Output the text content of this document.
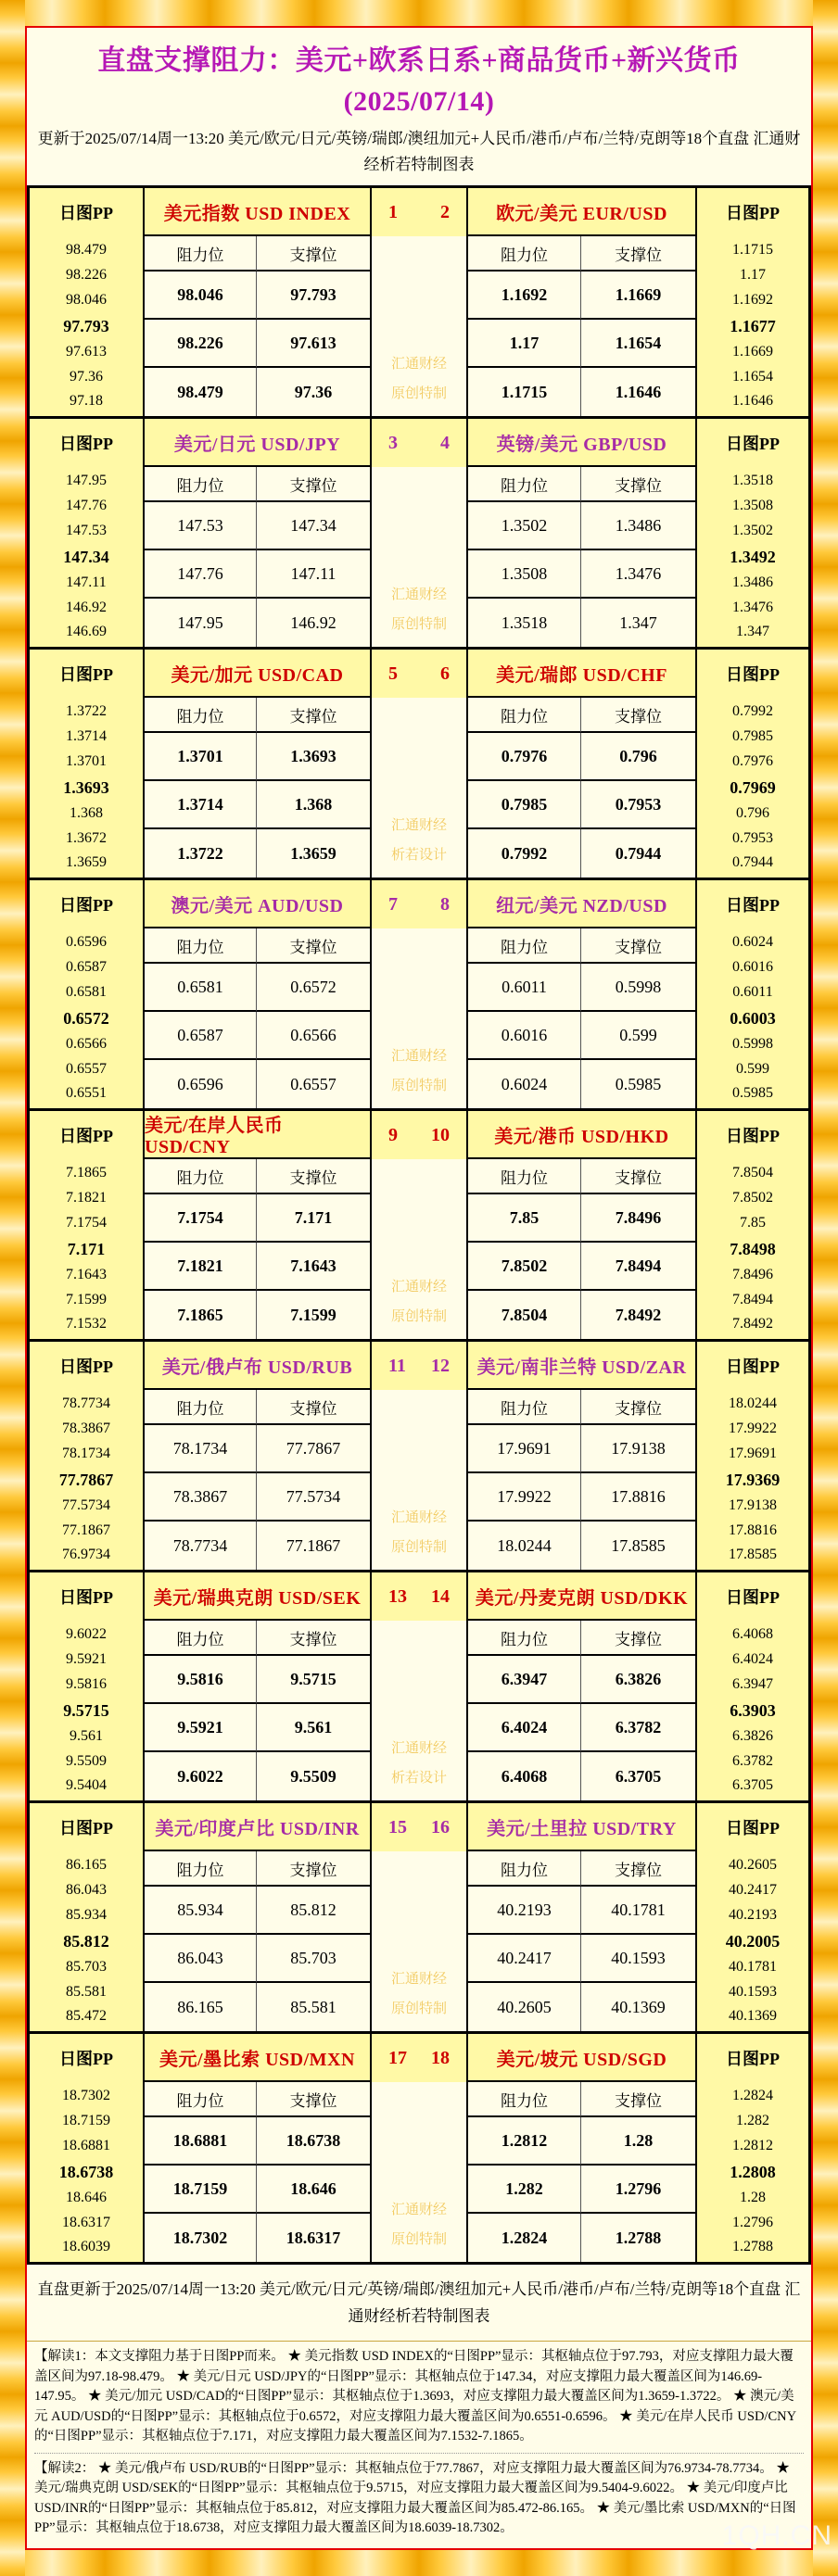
直盘支撑阻力：美元+欧系日系+商品货币+新兴货币(2025/07/14)
更新于2025/07/14周一13:20 美元/欧元/日元/英镑/瑞郎/澳纽加元+人民币/港币/卢布/兰特/克朗等18个直盘 汇通财经析若特制图表
日图PP	美元指数 USD INDEX	1 2	欧元/美元 EUR/USD	日图PP
98.479
98.226
98.046
97.793
97.613
97.36
97.18
汇通财经
原创特制
1.1715
1.17
1.1692
1.1677
1.1669
1.1654
1.1646
阻力位	支撑位	阻力位	支撑位
98.046	97.793
98.226	97.613
98.479	97.36
1.1692	1.1669
1.17	1.1654
1.1715	1.1646
日图PP	美元/日元 USD/JPY	3 4	英镑/美元 GBP/USD	日图PP
147.95
147.76
147.53
147.34
147.11
146.92
146.69
汇通财经
原创特制
1.3518
1.3508
1.3502
1.3492
1.3486
1.3476
1.347
阻力位	支撑位	阻力位	支撑位
147.53	147.34
147.76	147.11
147.95	146.92
1.3502	1.3486
1.3508	1.3476
1.3518	1.347
日图PP	美元/加元 USD/CAD	5 6	美元/瑞郎 USD/CHF	日图PP
1.3722
1.3714
1.3701
1.3693
1.368
1.3672
1.3659
汇通财经
析若设计
0.7992
0.7985
0.7976
0.7969
0.796
0.7953
0.7944
阻力位	支撑位	阻力位	支撑位
1.3701	1.3693
1.3714	1.368
1.3722	1.3659
0.7976	0.796
0.7985	0.7953
0.7992	0.7944
日图PP	澳元/美元 AUD/USD	7 8	纽元/美元 NZD/USD	日图PP
0.6596
0.6587
0.6581
0.6572
0.6566
0.6557
0.6551
汇通财经
原创特制
0.6024
0.6016
0.6011
0.6003
0.5998
0.599
0.5985
阻力位	支撑位	阻力位	支撑位
0.6581	0.6572
0.6587	0.6566
0.6596	0.6557
0.6011	0.5998
0.6016	0.599
0.6024	0.5985
日图PP	美元/在岸人民币 USD/CNY
9 10	美元/港币 USD/HKD	日图PP
7.1865
7.1821
7.1754
7.171
7.1643
7.1599
7.1532
汇通财经
原创特制
7.8504
7.8502
7.85
7.8498
7.8496
7.8494
7.8492
阻力位	支撑位	阻力位	支撑位
7.1754	7.171
7.1821	7.1643
7.1865	7.1599
7.85	7.8496
7.8502	7.8494
7.8504	7.8492
日图PP	美元/俄卢布 USD/RUB	11 12	美元/南非兰特 USD/ZAR	日图PP
78.7734
78.3867
78.1734
77.7867
77.5734
77.1867
76.9734
汇通财经
原创特制
18.0244
17.9922
17.9691
17.9369
17.9138
17.8816
17.8585
阻力位	支撑位	阻力位	支撑位
78.1734	77.7867
78.3867	77.5734
78.7734	77.1867
17.9691	17.9138
17.9922	17.8816
18.0244	17.8585
日图PP	美元/瑞典克朗 USD/SEK	13 14	美元/丹麦克朗 USD/DKK	日图PP
9.6022
9.5921
9.5816
9.5715
9.561
9.5509
9.5404
汇通财经
析若设计
6.4068
6.4024
6.3947
6.3903
6.3826
6.3782
6.3705
阻力位	支撑位	阻力位	支撑位
9.5816	9.5715
9.5921	9.561
9.6022	9.5509
6.3947	6.3826
6.4024	6.3782
6.4068	6.3705
日图PP	美元/印度卢比 USD/INR	15 16	美元/土里拉 USD/TRY	日图PP
86.165
86.043
85.934
85.812
85.703
85.581
85.472
汇通财经
原创特制
40.2605
40.2417
40.2193
40.2005
40.1781
40.1593
40.1369
阻力位	支撑位	阻力位	支撑位
85.934	85.812
86.043	85.703
86.165	85.581
40.2193	40.1781
40.2417	40.1593
40.2605	40.1369
日图PP	美元/墨比索 USD/MXN	17 18	美元/坡元 USD/SGD	日图PP
18.7302
18.7159
18.6881
18.6738
18.646
18.6317
18.6039
汇通财经
原创特制
1.2824
1.282
1.2812
1.2808
1.28
1.2796
1.2788
阻力位	支撑位	阻力位	支撑位
18.6881	18.6738
18.7159	18.646
18.7302	18.6317
1.2812	1.28
1.282	1.2796
1.2824	1.2788
直盘更新于2025/07/14周一13:20 美元/欧元/日元/英镑/瑞郎/澳纽加元+人民币/港币/卢布/兰特/克朗等18个直盘 汇通财经析若特制图表
【解读1：本文支撑阻力基于日图PP而来。 ★ 美元指数 USD INDEX的“日图PP”显示：其枢轴点位于97.793，对应支撑阻力最大覆盖区间为97.18-98.479。 ★ 美元/日元 USD/JPY的“日图PP”显示：其枢轴点位于147.34，对应支撑阻力最大覆盖区间为146.69-147.95。 ★ 美元/加元 USD/CAD的“日图PP”显示：其枢轴点位于1.3693，对应支撑阻力最大覆盖区间为1.3659-1.3722。 ★ 澳元/美元 AUD/USD的“日图PP”显示：其枢轴点位于0.6572，对应支撑阻力最大覆盖区间为0.6551-0.6596。 ★ 美元/在岸人民币 USD/CNY的“日图PP”显示：其枢轴点位于7.171，对应支撑阻力最大覆盖区间为7.1532-7.1865。
【解读2： ★ 美元/俄卢布 USD/RUB的“日图PP”显示：其枢轴点位于77.7867，对应支撑阻力最大覆盖区间为76.9734-78.7734。 ★ 美元/瑞典克朗 USD/SEK的“日图PP”显示：其枢轴点位于9.5715，对应支撑阻力最大覆盖区间为9.5404-9.6022。 ★ 美元/印度卢比 USD/INR的“日图PP”显示：其枢轴点位于85.812，对应支撑阻力最大覆盖区间为85.472-86.165。 ★ 美元/墨比索 USD/MXN的“日图PP”显示：其枢轴点位于18.6738，对应支撑阻力最大覆盖区间为18.6039-18.7302。	1QH.CN
